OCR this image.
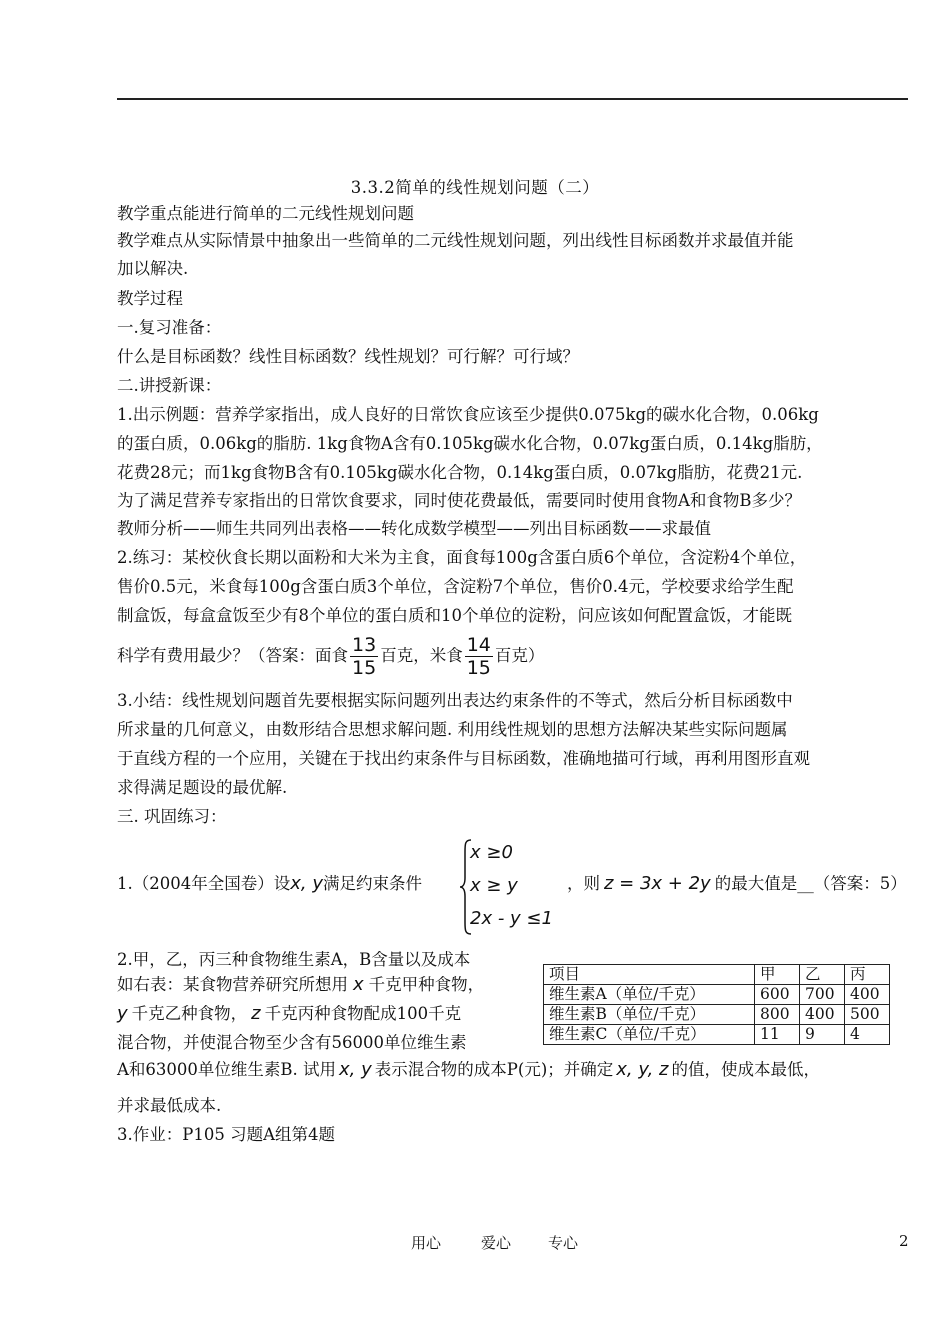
3.3.2简单的线性规划问题（二）
教学重点能进行简单的二元线性规划问题
教学难点从实际情景中抽象出一些简单的二元线性规划问题，列出线性目标函数并求最值并能
加以解决.
教学过程
一.复习准备：
什么是目标函数？线性目标函数？线性规划？可行解？可行域？
二.讲授新课：
1.出示例题：营养学家指出，成人良好的日常饮食应该至少提供0.075kg的碳水化合物，0.06kg
的蛋白质，0.06kg的脂肪. 1kg食物A含有0.105kg碳水化合物，0.07kg蛋白质，0.14kg脂肪，
花费28元；而1kg食物B含有0.105kg碳水化合物，0.14kg蛋白质，0.07kg脂肪，花费21元.
为了满足营养专家指出的日常饮食要求，同时使花费最低，需要同时使用食物A和食物B多少？
教师分析——师生共同列出表格——转化成数学模型——列出目标函数——求最值
2.练习：某校伙食长期以面粉和大米为主食，面食每100g含蛋白质6个单位，含淀粉4个单位，
售价0.5元，米食每100g含蛋白质3个单位，含淀粉7个单位，售价0.4元，学校要求给学生配
制盒饭，每盒盒饭至少有8个单位的蛋白质和10个单位的淀粉，问应该如何配置盒饭，才能既
科学有费用最少？（答案：面食 $\frac{13}{15}$ 百克，米食 $\frac{14}{15}$ 百克）
3.小结：线性规划问题首先要根据实际问题列出表达约束条件的不等式，然后分析目标函数中
所求量的几何意义，由数形结合思想求解问题. 利用线性规划的思想方法解决某些实际问题属
于直线方程的一个应用，关键在于找出约束条件与目标函数，准确地描可行域，再利用图形直观
求得满足题设的最优解.
三. 巩固练习：
1.（2004年全国卷）设x, y满足约束条件
x ≥0
x ≥ y
2x - y ≤1
，则 z = 3x + 2y 的最大值是__（答案：5）
2.甲，乙，丙三种食物维生素A，B含量以及成本
如右表：某食物营养研究所想用 x 千克甲种食物，
y 千克乙种食物， z 千克丙种食物配成100千克
混合物，并使混合物至少含有56000单位维生素
A和63000单位维生素B. 试用 x, y 表示混合物的成本P(元)；并确定 x, y, z 的值，使成本最低，
并求最低成本.
3.作业：P105 习题A组第4题
项目	甲	乙	丙
维生素A（单位/千克）	600	700	400
维生素B（单位/千克）	800	400	500
维生素C（单位/千克）	11	9	4
用心	爱心 专心	2
